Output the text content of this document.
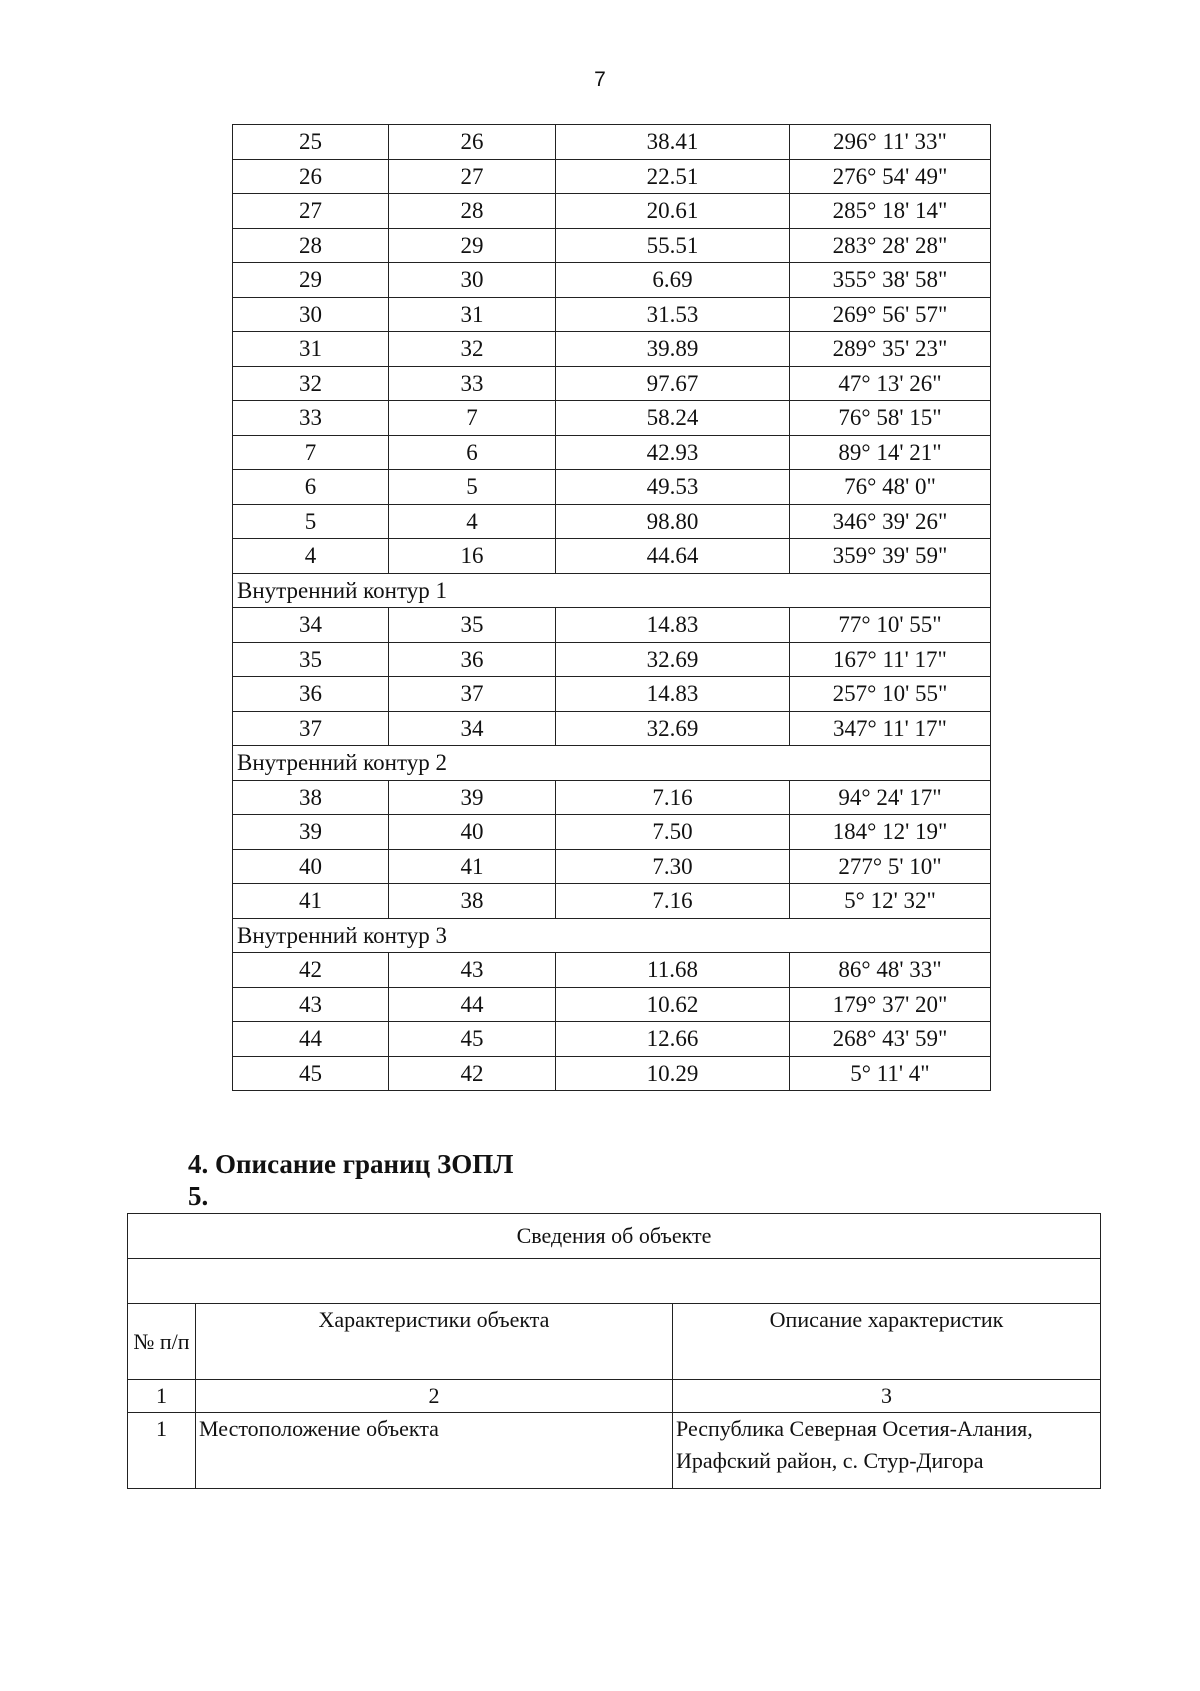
7
25	26	38.41	296° 11' 33"
26	27	22.51	276° 54' 49"
27	28	20.61	285° 18' 14"
28	29	55.51	283° 28' 28"
29	30	6.69	355° 38' 58"
30	31	31.53	269° 56' 57"
31	32	39.89	289° 35' 23"
32	33	97.67	47° 13' 26"
33	7	58.24	76° 58' 15"
7	6	42.93	89° 14' 21"
6	5	49.53	76° 48' 0"
5	4	98.80	346° 39' 26"
4	16	44.64	359° 39' 59"
Внутренний контур 1			
34	35	14.83	77° 10' 55"
35	36	32.69	167° 11' 17"
36	37	14.83	257° 10' 55"
37	34	32.69	347° 11' 17"
Внутренний контур 2			
38	39	7.16	94° 24' 17"
39	40	7.50	184° 12' 19"
40	41	7.30	277° 5' 10"
41	38	7.16	5° 12' 32"
Внутренний контур 3			
42	43	11.68	86° 48' 33"
43	44	10.62	179° 37' 20"
44	45	12.66	268° 43' 59"
45	42	10.29	5° 11' 4"
4. Описание границ ЗОПЛ
5.
Сведения об объекте		

№ п/п	Характеристики объекта	Описание характеристик
1	2	3
1	Местоположение объекта	Республика Северная Осетия-Алания, Ирафский район, с. Стур-Дигора
